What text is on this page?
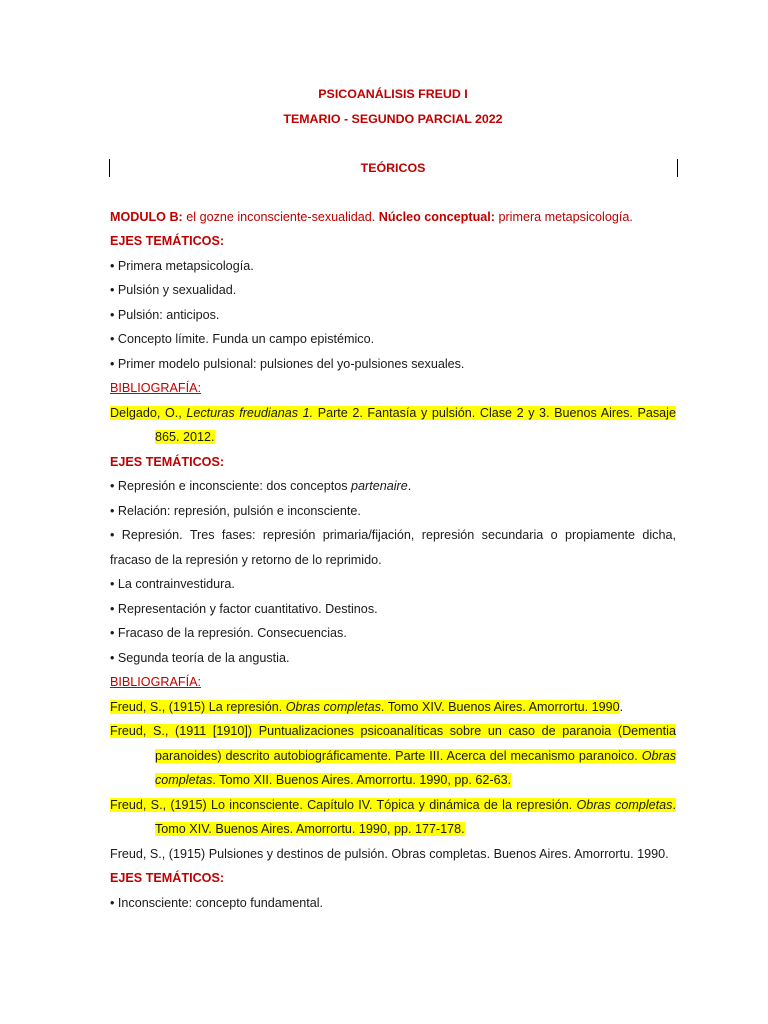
PSICOANÁLISIS FREUD I
TEMARIO - SEGUNDO PARCIAL 2022
TEÓRICOS
MODULO B: el gozne inconsciente-sexualidad. Núcleo conceptual: primera metapsicología.
EJES TEMÁTICOS:
• Primera metapsicología.
• Pulsión y sexualidad.
• Pulsión: anticipos.
• Concepto límite. Funda un campo epistémico.
• Primer modelo pulsional: pulsiones del yo-pulsiones sexuales.
BIBLIOGRAFÍA:
Delgado, O., Lecturas freudianas 1. Parte 2. Fantasía y pulsión. Clase 2 y 3. Buenos Aires. Pasaje 865. 2012.
EJES TEMÁTICOS:
• Represión e inconsciente: dos conceptos partenaire.
• Relación: represión, pulsión e inconsciente.
• Represión. Tres fases: represión primaria/fijación, represión secundaria o propiamente dicha, fracaso de la represión y retorno de lo reprimido.
• La contrainvestidura.
• Representación y factor cuantitativo. Destinos.
• Fracaso de la represión. Consecuencias.
• Segunda teoría de la angustia.
BIBLIOGRAFÍA:
Freud, S., (1915) La represión. Obras completas. Tomo XIV. Buenos Aires. Amorrortu. 1990.
Freud, S., (1911 [1910]) Puntualizaciones psicoanalíticas sobre un caso de paranoia (Dementia paranoides) descrito autobiográficamente. Parte III. Acerca del mecanismo paranoico. Obras completas. Tomo XII. Buenos Aires. Amorrortu. 1990, pp. 62-63.
Freud, S., (1915) Lo inconsciente. Capítulo IV. Tópica y dinámica de la represión. Obras completas. Tomo XIV. Buenos Aires. Amorrortu. 1990, pp. 177-178.
Freud, S., (1915) Pulsiones y destinos de pulsión. Obras completas. Buenos Aires. Amorrortu. 1990.
EJES TEMÁTICOS:
• Inconsciente: concepto fundamental.
